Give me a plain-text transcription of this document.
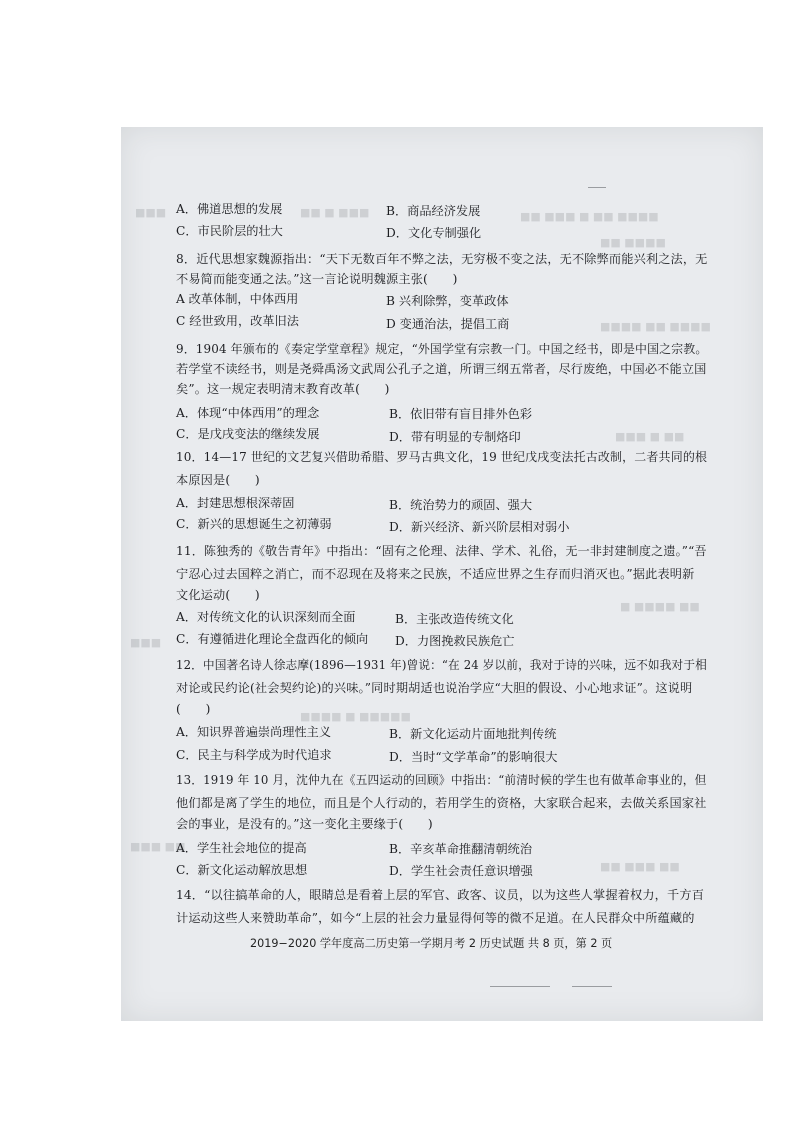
■■■	■■ ■ ■■■	■■ ■■■ ■ ■■ ■■■■
■■ ■■■■
■■■■ ■■ ■■■■
■■■ ■ ■■
■ ■■■■ ■■
■■■
■■■■ ■ ■■■■■
■■■ ■■
■■ ■■■ ■■
A．佛道思想的发展	B．商品经济发展
C．市民阶层的壮大	D．文化专制强化
8．近代思想家魏源指出：“天下无数百年不弊之法，无穷极不变之法，无不除弊而能兴利之法，无
不易简而能变通之法。”这一言论说明魏源主张(　　)
A 改革体制，中体西用	B 兴利除弊，变革政体
C 经世致用，改革旧法	D 变通治法，提倡工商
9．1904 年颁布的《奏定学堂章程》规定，“外国学堂有宗教一门。中国之经书，即是中国之宗教。
若学堂不读经书，则是尧舜禹汤文武周公孔子之道，所谓三纲五常者，尽行废绝，中国必不能立国
矣”。这一规定表明清末教育改革(　　)
A．体现“中体西用”的理念	B．依旧带有盲目排外色彩
C．是戊戌变法的继续发展	D．带有明显的专制烙印
10．14—17 世纪的文艺复兴借助希腊、罗马古典文化，19 世纪戊戌变法托古改制，二者共同的根
本原因是(　　)
A．封建思想根深蒂固	B．统治势力的顽固、强大
C．新兴的思想诞生之初薄弱	D．新兴经济、新兴阶层相对弱小
11．陈独秀的《敬告青年》中指出：“固有之伦理、法律、学术、礼俗，无一非封建制度之遗。”“吾
宁忍心过去国粹之消亡，而不忍现在及将来之民族，不适应世界之生存而归消灭也。”据此表明新
文化运动(　　)
A．对传统文化的认识深刻而全面	B．主张改造传统文化
C．有遵循进化理论全盘西化的倾向 D．力图挽救民族危亡
12．中国著名诗人徐志摩(1896—1931 年)曾说：“在 24 岁以前，我对于诗的兴味，远不如我对于相
对论或民约论(社会契约论)的兴味。”同时期胡适也说治学应“大胆的假设、小心地求证”。这说明
(　　)
A．知识界普遍崇尚理性主义	B．新文化运动片面地批判传统
C．民主与科学成为时代追求	D．当时“文学革命”的影响很大
13．1919 年 10 月，沈仲九在《五四运动的回顾》中指出：“前清时候的学生也有做革命事业的，但
他们都是离了学生的地位，而且是个人行动的，若用学生的资格，大家联合起来，去做关系国家社
会的事业，是没有的。”这一变化主要缘于(　　)
A．学生社会地位的提高	B．辛亥革命推翻清朝统治
C．新文化运动解放思想	D．学生社会责任意识增强
14．“以往搞革命的人，眼睛总是看着上层的军官、政客、议员，以为这些人掌握着权力，千方百
计运动这些人来赞助革命”，如今“上层的社会力量显得何等的微不足道。在人民群众中所蕴藏的
2019−2020 学年度高二历史第一学期月考 2 历史试题 共 8 页，第 2 页
